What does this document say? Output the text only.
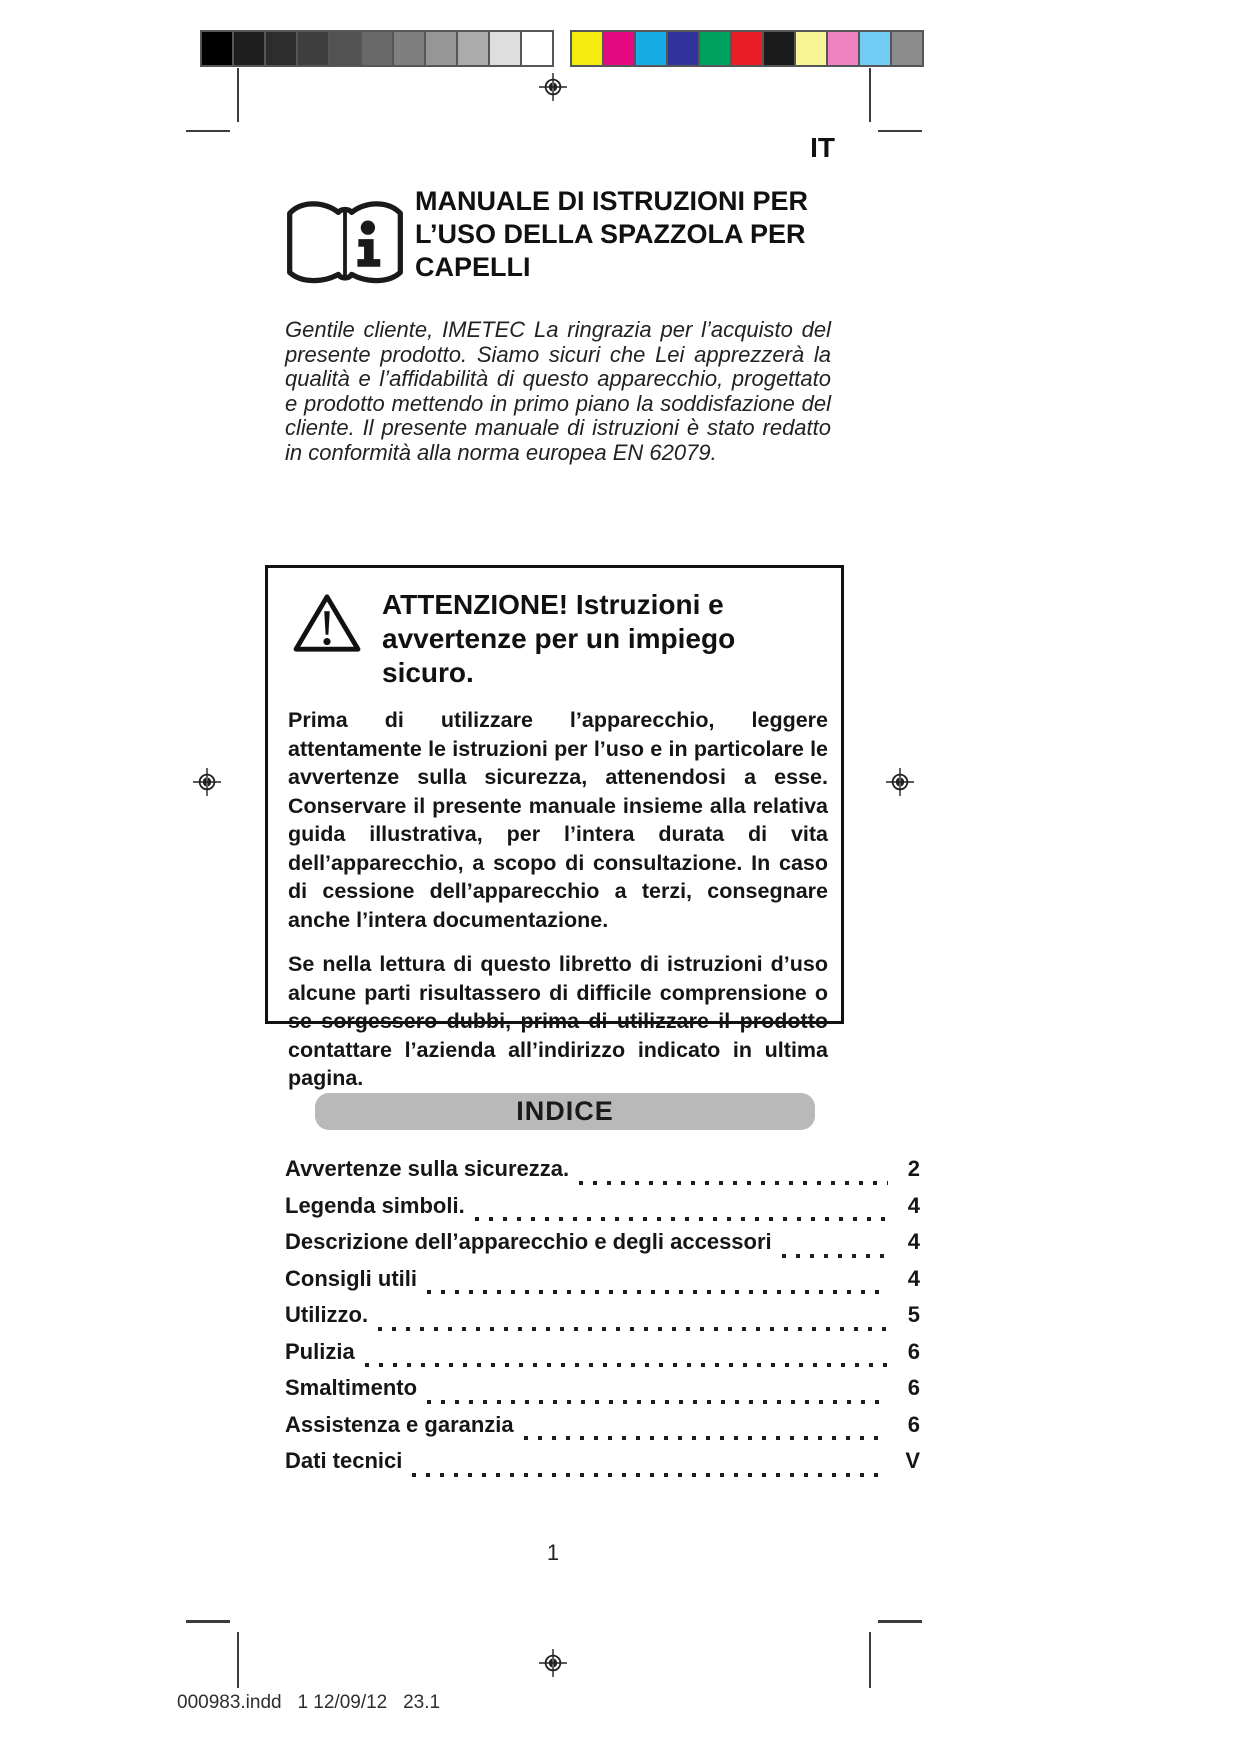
IT
MANUALE DI ISTRUZIONI PER L’USO DELLA SPAZZOLA PER CAPELLI
Gentile cliente, IMETEC La ringrazia per l’acquisto del presente prodotto. Siamo sicuri che Lei apprezzerà la qualità e l’affidabilità di questo apparecchio, progettato e prodotto mettendo in primo piano la soddisfazione del cliente. Il presente manuale di istruzioni è stato redatto in conformità alla norma europea EN 62079.
ATTENZIONE! Istruzioni e avvertenze per un impiego sicuro.

Prima di utilizzare l’apparecchio, leggere attentamente le istruzioni per l’uso e in particolare le avvertenze sulla sicurezza, attenendosi a esse. Conservare il presente manuale insieme alla relativa guida illustrativa, per l’intera durata di vita dell’apparecchio, a scopo di consultazione. In caso di cessione dell’apparecchio a terzi, consegnare anche l’intera documentazione.

Se nella lettura di questo libretto di istruzioni d’uso alcune parti risultassero di difficile comprensione o se sorgessero dubbi, prima di utilizzare il prodotto contattare l’azienda all’indirizzo indicato in ultima pagina.

INDICE
Avvertenze sulla sicurezza.	2
Legenda simboli.	4
Descrizione dell’apparecchio e degli accessori	4
Consigli utili	4
Utilizzo.	5
Pulizia	6
Smaltimento	6
Assistenza e garanzia	6
Dati tecnici	V
1
000983.indd   1 12/09/12   23.1
